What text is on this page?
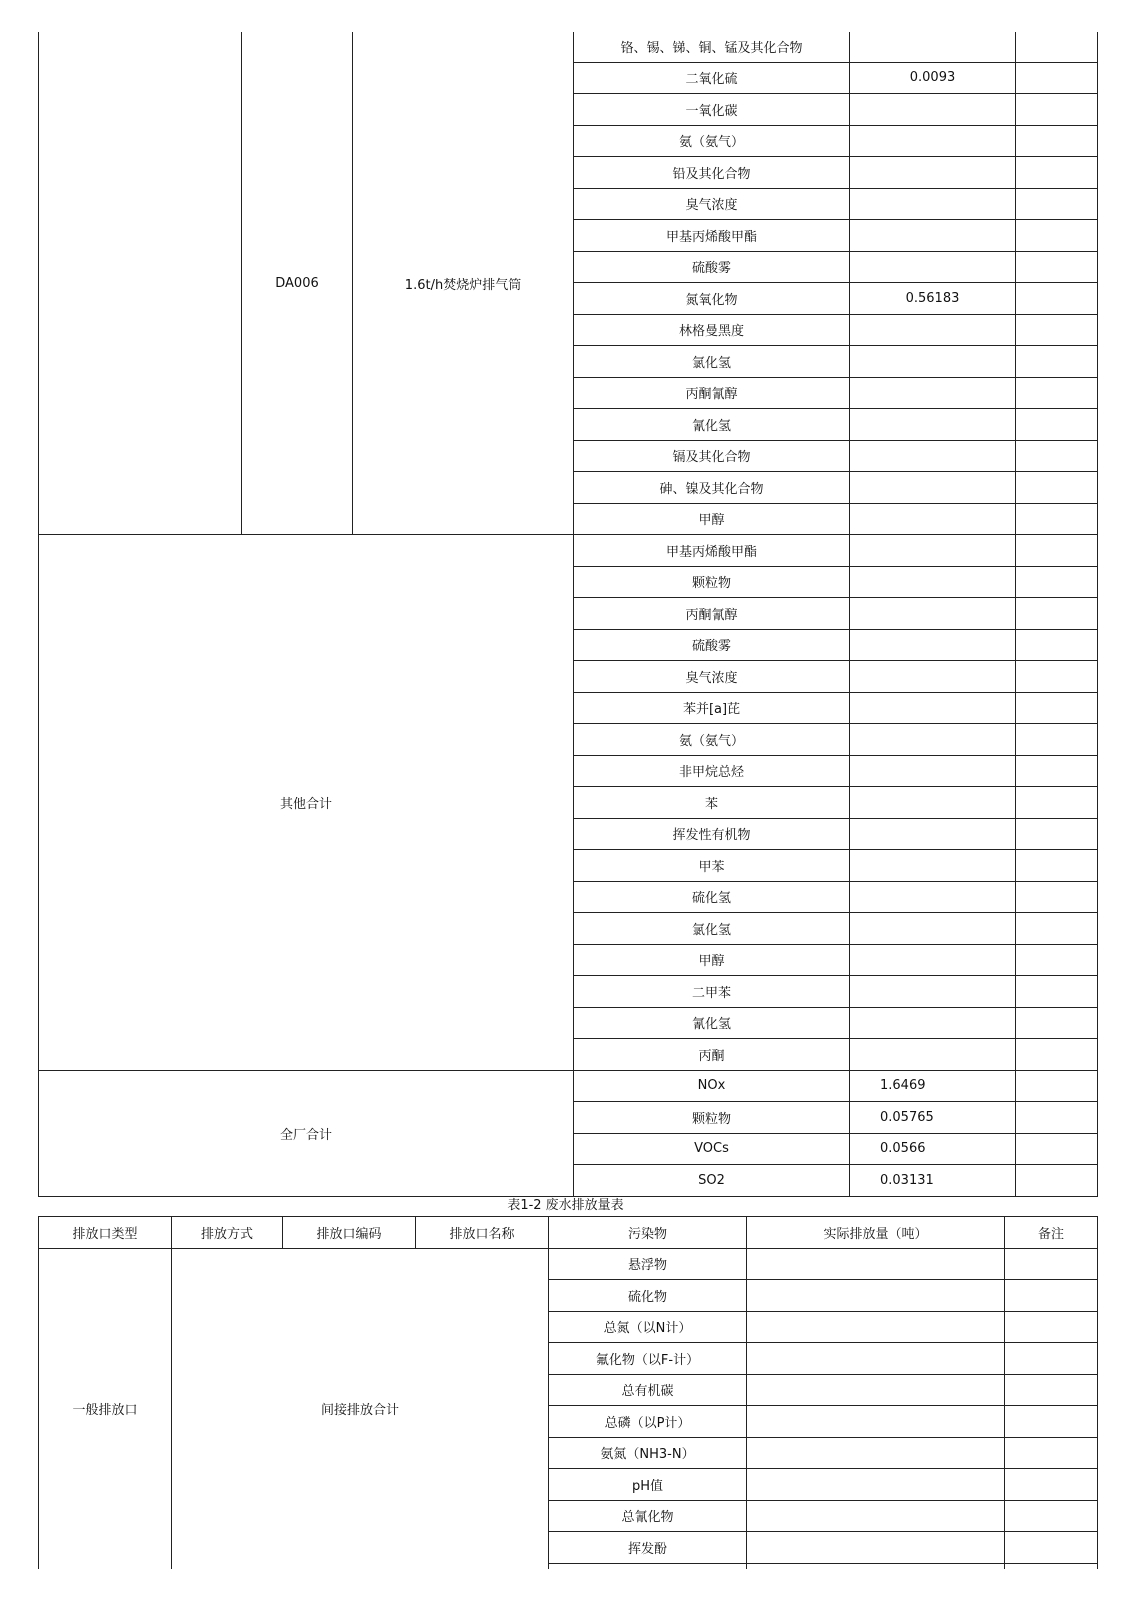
	DA006	1.6t/h焚烧炉排气筒	铬、锡、锑、铜、锰及其化合物		
			二氧化硫	0.0093	
			一氧化碳		
			氨（氨气）		
			铅及其化合物		
			臭气浓度		
			甲基丙烯酸甲酯		
			硫酸雾		
			氮氧化物	0.56183	
			林格曼黑度		
			氯化氢		
			丙酮氰醇		
			氰化氢		
			镉及其化合物		
			砷、镍及其化合物		
			甲醇		
其他合计			甲基丙烯酸甲酯		
			颗粒物		
			丙酮氰醇		
			硫酸雾		
			臭气浓度		
			苯并[a]芘		
			氨（氨气）		
			非甲烷总烃		
			苯		
			挥发性有机物		
			甲苯		
			硫化氢		
			氯化氢		
			甲醇		
			二甲苯		
			氰化氢		
			丙酮		
全厂合计			NOx	1.6469	
			颗粒物	0.05765	
			VOCs	0.0566	
			SO2	0.03131	
表1-2 废水排放量表
排放口类型	排放方式	排放口编码	排放口名称	污染物	实际排放量（吨）	备注
一般排放口	间接排放合计			悬浮物		
				硫化物		
				总氮（以N计）		
				氟化物（以F-计）		
				总有机碳		
				总磷（以P计）		
				氨氮（NH3-N）		
				pH值		
				总氰化物		
				挥发酚		
